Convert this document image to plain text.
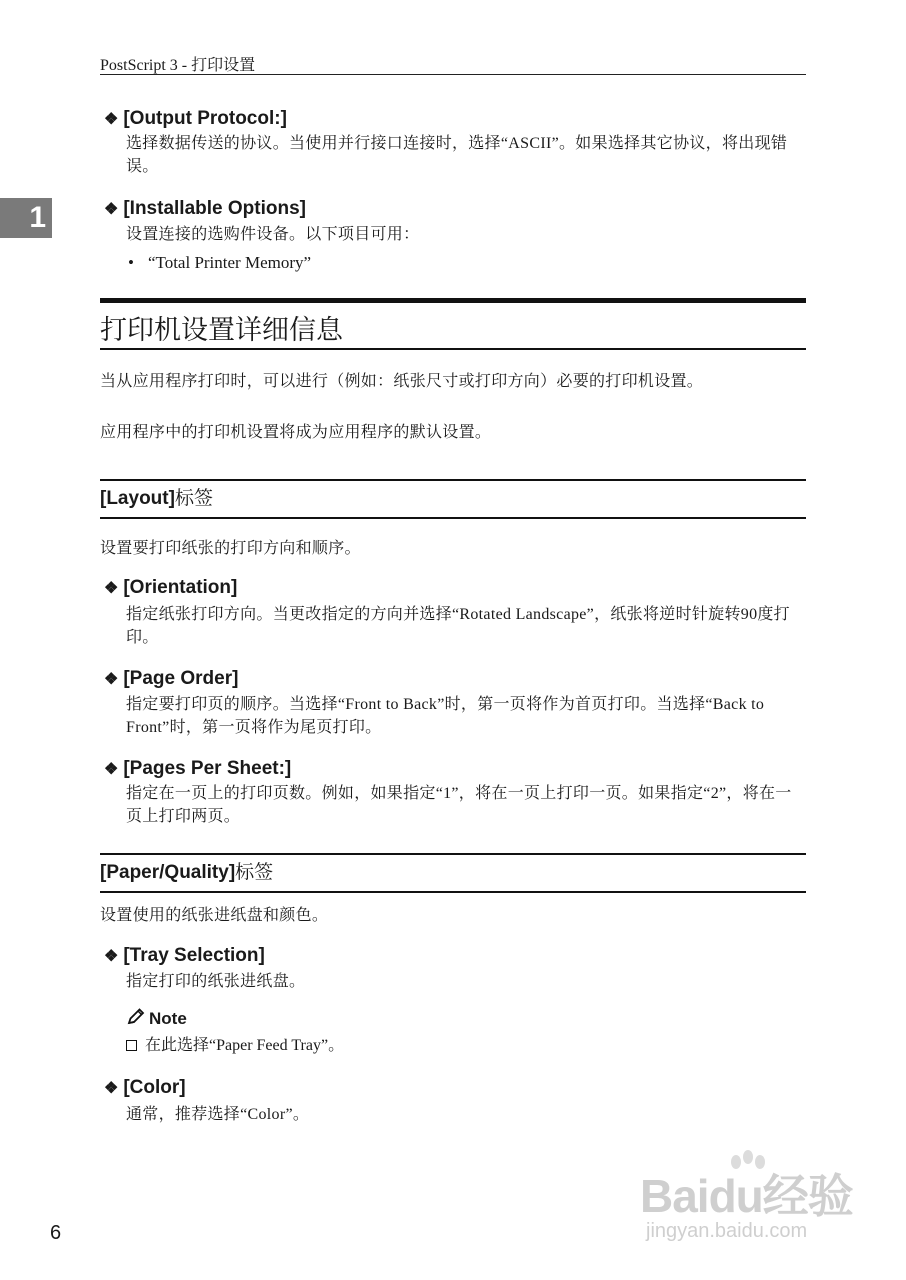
PostScript 3 - 打印设置
1
❖ [Output Protocol:]
选择数据传送的协议。当使用并行接口连接时，选择“ASCII”。如果选择其它协议，将出现错误。
❖ [Installable Options]
设置连接的选购件设备。以下项目可用：
• “Total Printer Memory”
打印机设置详细信息
当从应用程序打印时，可以进行（例如：纸张尺寸或打印方向）必要的打印机设置。
应用程序中的打印机设置将成为应用程序的默认设置。
[Layout]标签
设置要打印纸张的打印方向和顺序。
❖ [Orientation]
指定纸张打印方向。当更改指定的方向并选择“Rotated Landscape”，纸张将逆时针旋转90度打印。
❖ [Page Order]
指定要打印页的顺序。当选择“Front to Back”时，第一页将作为首页打印。当选择“Back to Front”时，第一页将作为尾页打印。
❖ [Pages Per Sheet:]
指定在一页上的打印页数。例如，如果指定“1”，将在一页上打印一页。如果指定“2”，将在一页上打印两页。
[Paper/Quality]标签
设置使用的纸张进纸盘和颜色。
❖ [Tray Selection]
指定打印的纸张进纸盘。
Note
在此选择“Paper Feed Tray”。
❖ [Color]
通常，推荐选择“Color”。
6
Baidu经验
jingyan.baidu.com
